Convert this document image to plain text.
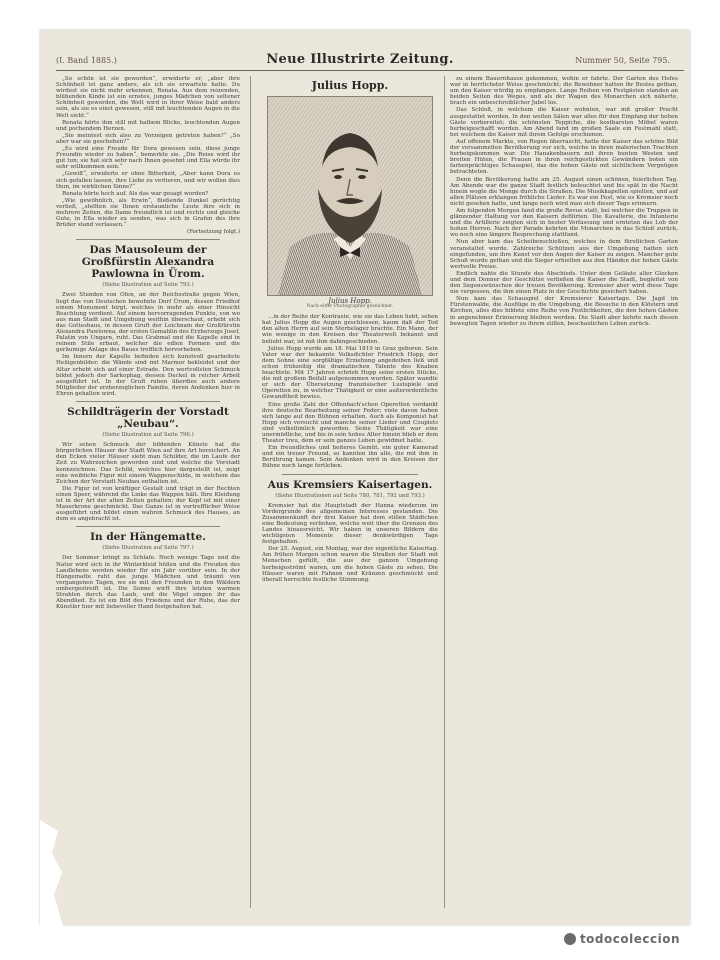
(I. Band 1885.)	Neue Illustrirte Zeitung.	Nummer 50, Seite 795.

„So schön ist sie geworden“, erwiderte er, „aber ihre Schönheit ist ganz anders, als ich sie erwartete hatte. Du wirdest sie nicht mehr erkennen, Renata. Aus dem reizenden, blühenden Kinde ist ein ernstes, junges Mädchen von seltener Schönheit geworden, die Welt wird in ihrer Weise bald anders sein, als sie es einst gewesen, still mit leuchtenden Augen in die Welt sieht.“

Renata hörte ihm still mit halbem Blicke, leuchtenden Augen und pochendem Herzen.

„Sie meintest sich also zu Vorzeigen getreten haben?“ „So aber war sie geschehen?“

„Es wird eine Freude für Dora gewesen sein, diese junge Freundin wieder zu haben“, bemerkte sie. „Die Reise wird ihr gut tun; sie hat sich sehr nach Ihnen gesehnt und Ella würde ihr sehr willkommen sein.“

„Gewiß“, erwiderte er ohne Bitterkeit, „Aber kann Dora es sich gefallen lassen, ihre Liebe zu verlieren, und wir wollen dies thun, im wirklichen Sinne?“

Renata hörte hoch auf. Als das war gesagt worden?

„Wie gewöhnlich, als Erwin“, fließende Dunkel gerüchtig verließ, „stellten sie Ihnen erstaunliche Leute ihre sich in mehrere Zeiten, die Dame freundlich ist und rechts und gleiche Gute, in Ella wieder zu senden, was sich in Grafen des ihre Brüder stand verlassen.“

(Fortsetzung folgt.)
Das Mausoleum der Großfürstin Alexandra Pawlowna in Ürom.
(Siehe Illustration auf Seite 793.)

Zwei Stunden von Ofen, an der Reichsstraße gegen Wien, liegt das von Deutschen bewohnte Dorf Ürom, dessen Friedhof einem Monument birgt, welches in mehr als einer Hinsicht Beachtung verdient. Auf einem hervorragenden Punkte, von wo aus man Stadt und Umgebung weithin überschaut, erhebt sich das Gotteshaus, in dessen Gruft der Leichnam der Großfürstin Alexandra Pawlowna, der ersten Gemahlin des Erzherzogs Josef, Palatin von Ungarn, ruht. Das Grabmal und die Kapelle sind in reinem Stile erbaut, welcher die edlen Formen und die geräumige Anlage des Baues trefflich hervorheben.

Im Innern der Kapelle befinden sich kunstvoll gearbeitete Heiligenbilder; die Wände sind mit Marmor bekleidet und der Altar erhebt sich auf einer Estrade. Den wertvollsten Schmuck bildet jedoch der Sarkophag, dessen Deckel in reicher Arbeit ausgeführt ist. In der Gruft ruhen überdies auch andere Mitglieder der erzherzoglichen Familie, deren Andenken hier in Ehren gehalten wird.

Schildträgerin der Vorstadt „Neubau“.
(Siehe Illustration auf Seite 796.)

Wir sehen Schmuck der bildenden Künste hat die bürgerlichen Häuser der Stadt Wien auf ihre Art bereichert. An den Ecken vieler Häuser sieht man Schilder, die im Laufe der Zeit zu Wahrzeichen geworden sind und welche die Vorstadt kennzeichnen. Das Schild, welches hier dargestellt ist, zeigt eine weibliche Figur mit einem Wappenschilde, in welchem das Zeichen der Vorstadt Neubau enthalten ist.

Die Figur ist von kräftiger Gestalt und trägt in der Rechten einen Speer, während die Linke das Wappen hält. Ihre Kleidung ist in der Art der alten Zeiten gehalten; der Kopf ist mit einer Mauerkrone geschmückt. Das Ganze ist in vortrefflicher Weise ausgeführt und bildet einen wahren Schmuck des Hauses, an dem es angebracht ist.

In der Hängematte.
(Siehe Illustration auf Seite 797.)

Der Sommer bringt zu Schlafe. Noch wenige Tage und die Natur wird sich in ihr Winterkleid hüllen und die Freuden des Landlebens werden wieder für ein Jahr vorüber sein. In der Hängematte ruht das junge Mädchen und träumt von vergangenen Tagen, wo sie mit den Freunden in den Wäldern umhergestreift ist. Die Sonne wirft ihre letzten warmen Strahlen durch das Laub, und die Vögel singen ihr das Abendlied. Es ist ein Bild des Friedens und der Ruhe, das der Künstler hier mit liebevoller Hand festgehalten hat.

Julius Hopp.
Julius Hopp.
Nach einer Photographie gezeichnet.

...in der Reihe der Kontraste, wie sie das Leben liebt, sehen hat Julius Hopp die Augen geschlossen, kaum daß der Tod den alten Herrn auf sein Sterbelager brachte. Ein Mann, der wie wenige in den Kreisen der Theaterwelt bekannt und beliebt war, ist mit ihm dahingeschieden.

Julius Hopp wurde am 18. Mai 1819 in Graz geboren. Sein Vater war der bekannte Volksdichter Friedrich Hopp, der dem Sohne eine sorgfältige Erziehung angedeihen ließ und schon frühzeitig die dramatischen Talente des Knaben beachtete. Mit 17 Jahren schrieb Hopp seine ersten Stücke, die mit großem Beifall aufgenommen wurden. Später wandte er sich der Übersetzung französischer Lustspiele und Operetten zu, in welcher Thätigkeit er eine außerordentliche Gewandtheit bewies.

Eine große Zahl der Offenbach'schen Operetten verdankt ihre deutsche Bearbeitung seiner Feder; viele davon haben sich lange auf den Bühnen erhalten. Auch als Komponist hat Hopp sich versucht und manche seiner Lieder und Couplets sind volkstümlich geworden. Seine Thätigkeit war eine unermüdliche, und bis in sein hohes Alter hinein blieb er dem Theater treu, dem er sein ganzes Leben gewidmet hatte.

Ein freundliches und heiteres Gemüt, ein guter Kamerad und ein treuer Freund, so kannten ihn alle, die mit ihm in Berührung kamen. Sein Andenken wird in den Kreisen der Bühne noch lange fortleben.

Aus Kremsiers Kaisertagen.
(Siehe Illustrationen auf Seite 780, 781, 792 und 793.)

Kremsier hat die Hauptstadt der Hanna wiederum im Vordergrunde des allgemeinen Interesses gestanden. Die Zusammenkunft der drei Kaiser hat dem stillen Städtchen eine Bedeutung verliehen, welche weit über die Grenzen des Landes hinausreicht. Wir haben in unseren Bildern die wichtigsten Momente dieser denkwürdigen Tage festgehalten.

Der 25. August, ein Montag, war der eigentliche Kaisertag. Am frühen Morgen schon waren die Straßen der Stadt mit Menschen gefüllt, die aus der ganzen Umgebung herbeigeströmt waren, um die hohen Gäste zu sehen. Die Häuser waren mit Fahnen und Kränzen geschmückt und überall herrschte festliche Stimmung.

zu einem Bauernhause gekommen, wohin er fahrte. Der Garten des Hofes war in herrlichster Weise geschmückt; die Bewohner hatten ihr Bestes gethan, um den Kaiser würdig zu empfangen. Lange Reihen von Festgästen standen an beiden Seiten des Weges, und als der Wagen des Monarchen sich näherte, brach ein unbeschreiblicher Jubel los.

Das Schloß, in welchem die Kaiser wohnten, war mit großer Pracht ausgestattet worden. In den weiten Sälen war alles für den Empfang der hohen Gäste vorbereitet; die schönsten Teppiche, die kostbarsten Möbel waren herbeigeschafft worden. Am Abend fand im großen Saale ein Festmahl statt, bei welchem die Kaiser mit ihrem Gefolge erschienen.

Auf offenem Markte, von Regen überrascht, hatte der Kaiser das schöne Bild der versammelten Bevölkerung vor sich, welche in ihren malerischen Trachten herbeigekommen war. Die Hanakenbauern mit ihren bunten Westen und breiten Hüten, die Frauen in ihren reichgestickten Gewändern boten ein farbenprächtiges Schauspiel, das die hohen Gäste mit sichtlichem Vergnügen betrachteten.

Denn die Bevölkerung hatte am 25. August einen schönen, feierlichen Tag. Am Abende war die ganze Stadt festlich beleuchtet und bis spät in die Nacht hinein wogte die Menge durch die Straßen. Die Musikkapellen spielten, und auf allen Plätzen erklangen fröhliche Lieder. Es war ein Fest, wie es Kremsier noch nicht gesehen hatte, und lange noch wird man sich dieser Tage erinnern.

Am folgenden Morgen fand die große Revue statt, bei welcher die Truppen in glänzender Haltung vor den Kaisern defilirten. Die Kavallerie, die Infanterie und die Artillerie zeigten sich in bester Verfassung und ernteten das Lob der hohen Herren. Nach der Parade kehrten die Monarchen in das Schloß zurück, wo noch eine längere Besprechung stattfand.

Nun aber kam das Scheibenschießen, welches in dem fürstlichen Garten veranstaltet wurde. Zahlreiche Schützen aus der Umgebung hatten sich eingefunden, um ihre Kunst vor den Augen der Kaiser zu zeigen. Mancher gute Schuß wurde gethan und die Sieger erhielten aus den Händen der hohen Gäste wertvolle Preise.

Endlich nahte die Stunde des Abschieds. Unter dem Geläute aller Glocken und dem Donner der Geschütze verließen die Kaiser die Stadt, begleitet von den Segenswünschen der treuen Bevölkerung. Kremsier aber wird diese Tage nie vergessen, die ihm einen Platz in der Geschichte gesichert haben.

Nun kam das Schauspiel der Kremsierer Kaisertage. Die Jagd im Fürstenwalde, die Ausflüge in die Umgebung, die Besuche in den Klöstern und Kirchen, alles dies bildete eine Reihe von Festlichkeiten, die den hohen Gästen in angenehmer Erinnerung bleiben werden. Die Stadt aber kehrte nach diesen bewegten Tagen wieder zu ihrem stillen, beschaulichen Leben zurück.

todocoleccion
